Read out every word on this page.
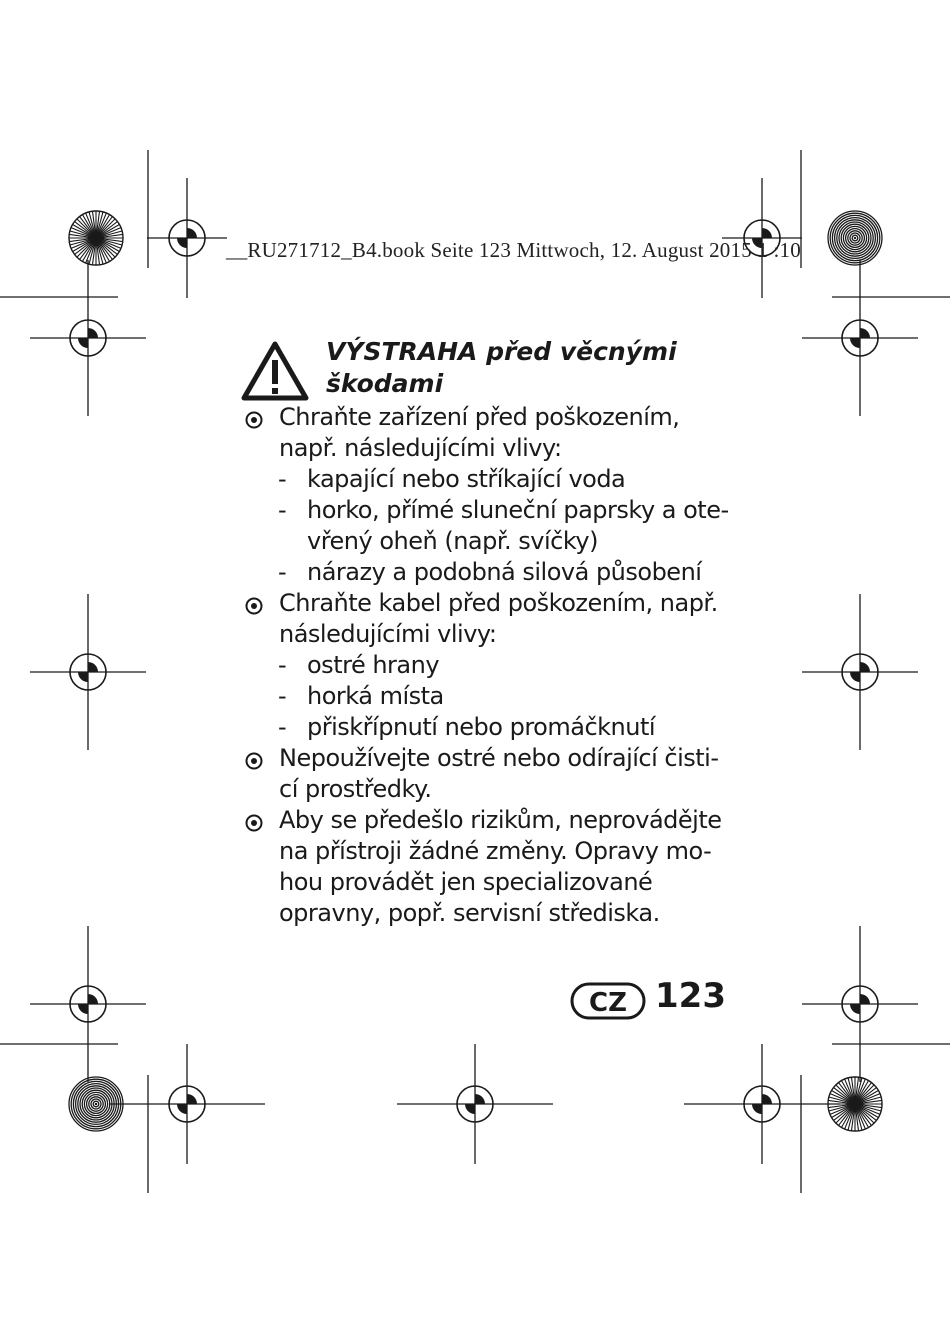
__RU271712_B4.book Seite 123 Mittwoch, 12. August 2015 1 :10
VÝSTRAHA před věcnými
škodami
Chraňte zařízení před poškozením,
např. následujícími vlivy:
- kapající nebo stříkající voda
- horko, přímé sluneční paprsky a ote-
vřený oheň (např. svíčky)
- nárazy a podobná silová působení
Chraňte kabel před poškozením, např.
následujícími vlivy:
- ostré hrany
- horká místa
- přiskřípnutí nebo promáčknutí
Nepoužívejte ostré nebo odírající čisti-
cí prostředky.
Aby se předešlo rizikům, neprovádějte
na přístroji žádné změny. Opravy mo-
hou provádět jen specializované
opravny, popř. servisní střediska.
CZ 123
